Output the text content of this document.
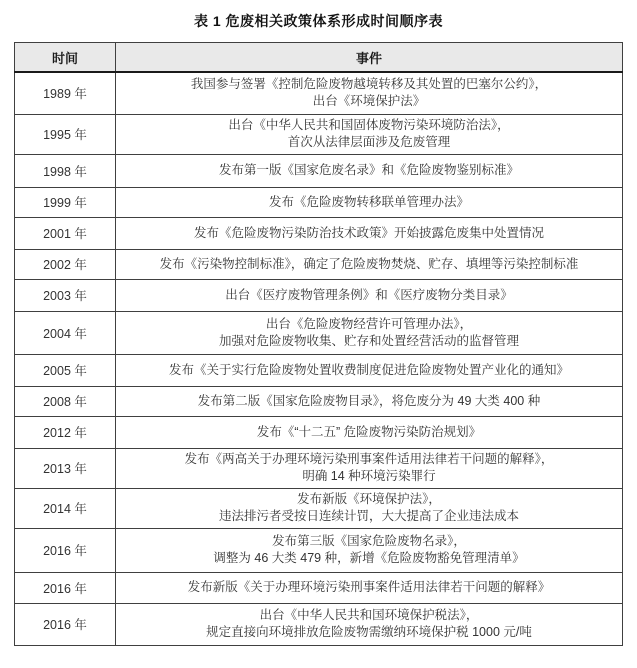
表 1 危废相关政策体系形成时间顺序表
时间	事件
1989 年	我国参与签署《控制危险废物越境转移及其处置的巴塞尔公约》，
出台《环境保护法》

1995 年	出台《中华人民共和国固体废物污染环境防治法》，
首次从法律层面涉及危废管理

1998 年	发布第一版《国家危废名录》和《危险废物鉴别标准》

1999 年	发布《危险废物转移联单管理办法》

2001 年	发布《危险废物污染防治技术政策》开始披露危废集中处置情况

2002 年	发布《污染物控制标准》，确定了危险废物焚烧、贮存、填埋等污染控制标准

2003 年	出台《医疗废物管理条例》和《医疗废物分类目录》

2004 年	出台《危险废物经营许可管理办法》，
加强对危险废物收集、贮存和处置经营活动的监督管理

2005 年	发布《关于实行危险废物处置收费制度促进危险废物处置产业化的通知》

2008 年	发布第二版《国家危险废物目录》，将危废分为 49 大类 400 种

2012 年	发布《“十二五” 危险废物污染防治规划》

2013 年	发布《两高关于办理环境污染刑事案件适用法律若干问题的解释》，
明确 14 种环境污染罪行

2014 年	发布新版《环境保护法》，
违法排污者受按日连续计罚，大大提高了企业违法成本

2016 年	发布第三版《国家危险废物名录》，
调整为 46 大类 479 种，新增《危险废物豁免管理清单》

2016 年	发布新版《关于办理环境污染刑事案件适用法律若干问题的解释》

2016 年	出台《中华人民共和国环境保护税法》，
规定直接向环境排放危险废物需缴纳环境保护税 1000 元/吨
